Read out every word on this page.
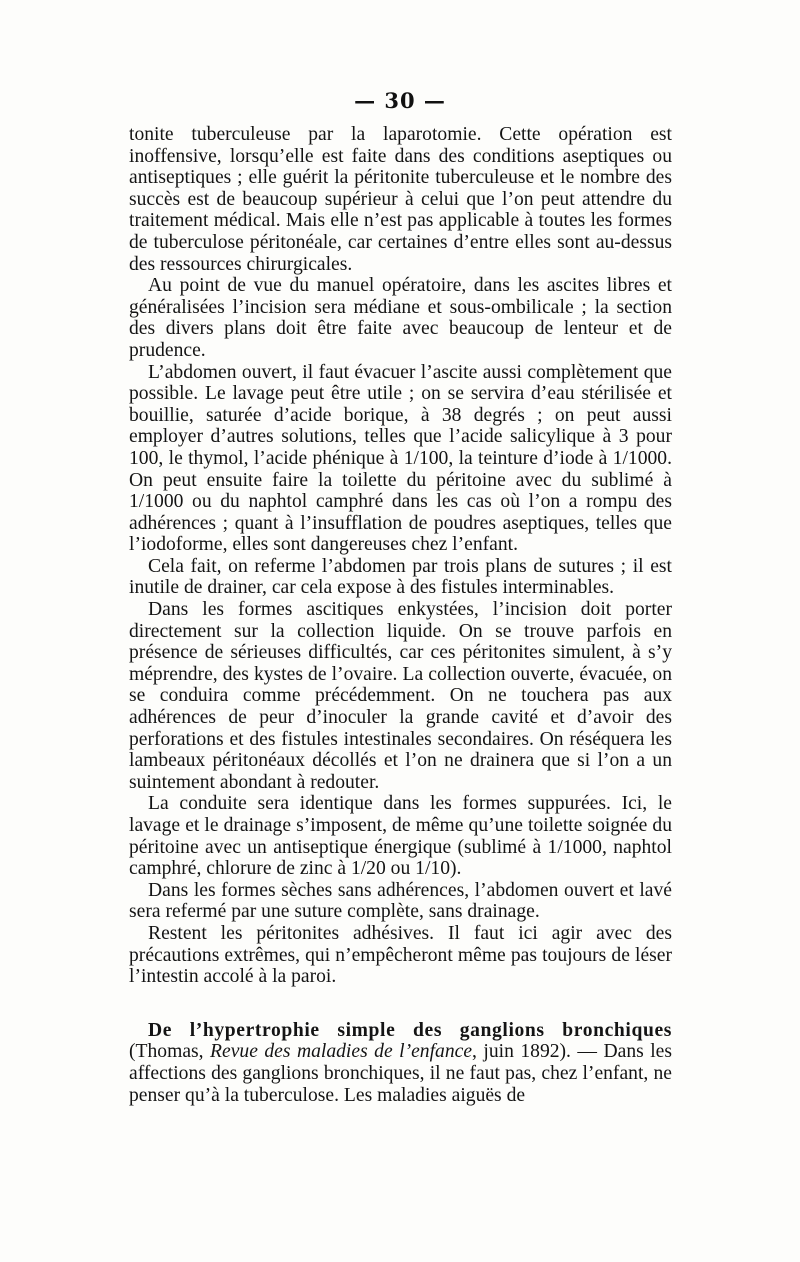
— 30 —

tonite tuberculeuse par la laparotomie. Cette opération est inoffensive, lorsqu’elle est faite dans des conditions aseptiques ou antiseptiques ; elle guérit la péritonite tuberculeuse et le nombre des succès est de beaucoup supérieur à celui que l’on peut attendre du traitement médical. Mais elle n’est pas applicable à toutes les formes de tuberculose péritonéale, car certaines d’entre elles sont au-dessus des ressources chirurgicales.

Au point de vue du manuel opératoire, dans les ascites libres et généralisées l’incision sera médiane et sous-ombilicale ; la section des divers plans doit être faite avec beaucoup de lenteur et de prudence.

L’abdomen ouvert, il faut évacuer l’ascite aussi complètement que possible. Le lavage peut être utile ; on se servira d’eau stérilisée et bouillie, saturée d’acide borique, à 38 degrés ; on peut aussi employer d’autres solutions, telles que l’acide salicylique à 3 pour 100, le thymol, l’acide phénique à 1/100, la teinture d’iode à 1/1000. On peut ensuite faire la toilette du péritoine avec du sublimé à 1/1000 ou du naphtol camphré dans les cas où l’on a rompu des adhérences ; quant à l’insufflation de poudres aseptiques, telles que l’iodoforme, elles sont dangereuses chez l’enfant.

Cela fait, on referme l’abdomen par trois plans de sutures ; il est inutile de drainer, car cela expose à des fistules interminables.

Dans les formes ascitiques enkystées, l’incision doit porter directement sur la collection liquide. On se trouve parfois en présence de sérieuses difficultés, car ces péritonites simulent, à s’y méprendre, des kystes de l’ovaire. La collection ouverte, évacuée, on se conduira comme précédemment. On ne touchera pas aux adhérences de peur d’inoculer la grande cavité et d’avoir des perforations et des fistules intestinales secondaires. On réséquera les lambeaux péritonéaux décollés et l’on ne drainera que si l’on a un suintement abondant à redouter.

La conduite sera identique dans les formes suppurées. Ici, le lavage et le drainage s’imposent, de même qu’une toilette soignée du péritoine avec un antiseptique énergique (sublimé à 1/1000, naphtol camphré, chlorure de zinc à 1/20 ou 1/10).

Dans les formes sèches sans adhérences, l’abdomen ouvert et lavé sera refermé par une suture complète, sans drainage.

Restent les péritonites adhésives. Il faut ici agir avec des précautions extrêmes, qui n’empêcheront même pas toujours de léser l’intestin accolé à la paroi.

De l’hypertrophie simple des ganglions bronchiques (Thomas, Revue des maladies de l’enfance, juin 1892). — Dans les affections des ganglions bronchiques, il ne faut pas, chez l’enfant, ne penser qu’à la tuberculose. Les maladies aiguës de
